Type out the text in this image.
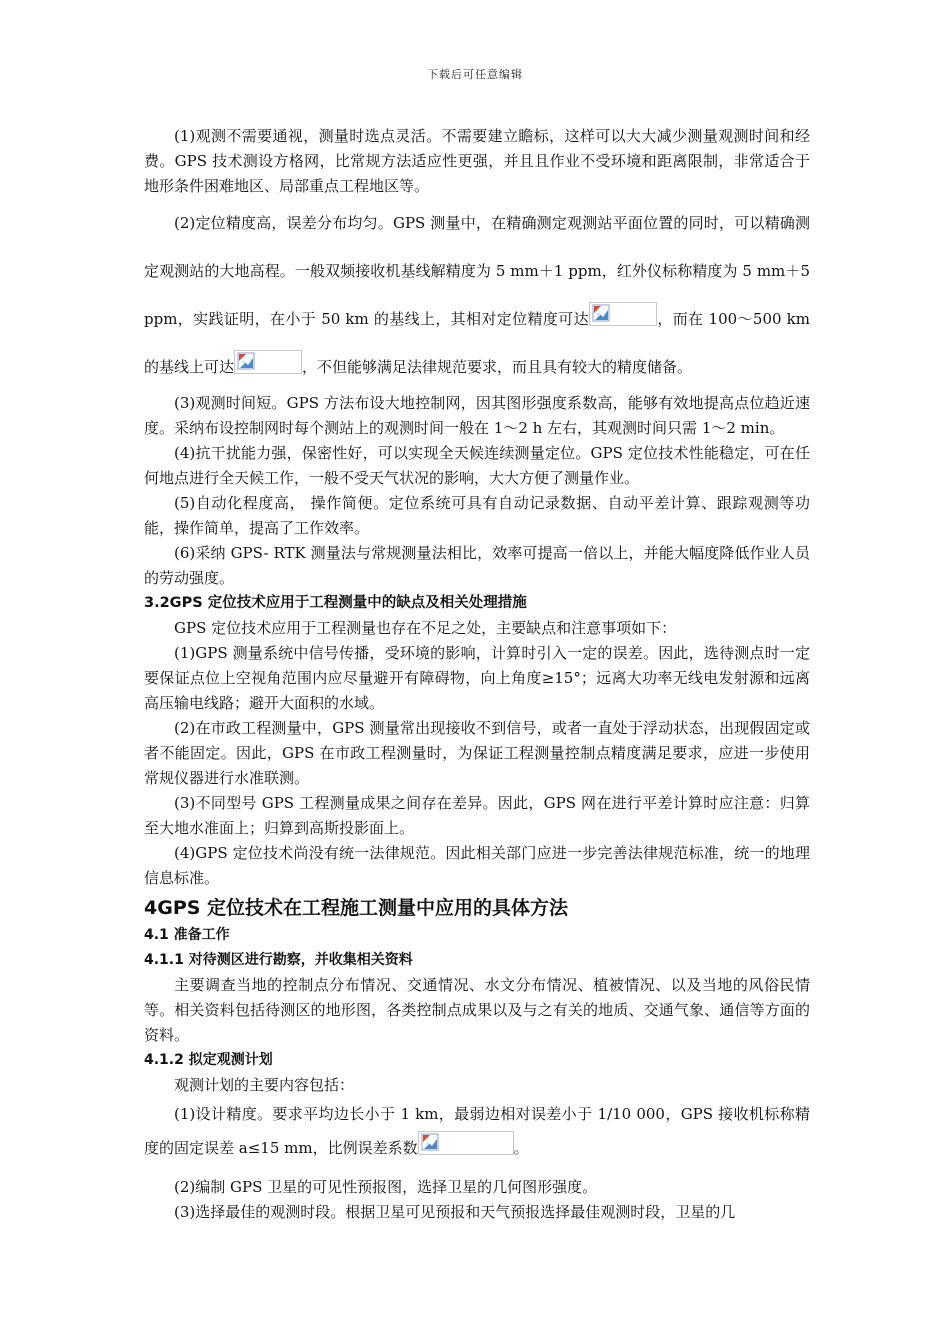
下载后可任意编辑

(1)观测不需要通视，测量时选点灵活。不需要建立瞻标，这样可以大大减少测量观测时间和经费。GPS 技术测设方格网，比常规方法适应性更强，并且且作业不受环境和距离限制，非常适合于地形条件困难地区、局部重点工程地区等。

(2)定位精度高，误差分布均匀。GPS 测量中，在精确测定观测站平面位置的同时，可以精确测定观测站的大地高程。一般双频接收机基线解精度为 5 mm＋1 ppm，红外仪标称精度为 5 mm＋5 ppm，实践证明，在小于 50 km 的基线上，其相对定位精度可达	，而在 100～500 km 的基线上可达	，不但能够满足法律规范要求，而且具有较大的精度储备。

(3)观测时间短。GPS 方法布设大地控制网，因其图形强度系数高，能够有效地提高点位趋近速度。采纳布设控制网时每个测站上的观测时间一般在 1～2 h 左右，其观测时间只需 1～2 min。

(4)抗干扰能力强，保密性好，可以实现全天候连续测量定位。GPS 定位技术性能稳定，可在任何地点进行全天候工作，一般不受天气状况的影响，大大方便了测量作业。

(5)自动化程度高， 操作简便。定位系统可具有自动记录数据、自动平差计算、跟踪观测等功能，操作简单，提高了工作效率。

(6)采纳 GPS- RTK 测量法与常规测量法相比，效率可提高一倍以上，并能大幅度降低作业人员的劳动强度。

3.2GPS 定位技术应用于工程测量中的缺点及相关处理措施

GPS 定位技术应用于工程测量也存在不足之处，主要缺点和注意事项如下：

(1)GPS 测量系统中信号传播，受环境的影响，计算时引入一定的误差。因此，选待测点时一定要保证点位上空视角范围内应尽量避开有障碍物，向上角度≥15°；远离大功率无线电发射源和远离高压输电线路；避开大面积的水域。

(2)在市政工程测量中，GPS 测量常出现接收不到信号，或者一直处于浮动状态，出现假固定或者不能固定。因此，GPS 在市政工程测量时，为保证工程测量控制点精度满足要求，应进一步使用常规仪器进行水准联测。

(3)不同型号 GPS 工程测量成果之间存在差异。因此，GPS 网在进行平差计算时应注意：归算至大地水准面上；归算到高斯投影面上。

(4)GPS 定位技术尚没有统一法律规范。因此相关部门应进一步完善法律规范标准，统一的地理信息标准。

4GPS 定位技术在工程施工测量中应用的具体方法

4.1 准备工作

4.1.1 对待测区进行勘察，并收集相关资料

主要调查当地的控制点分布情况、交通情况、水文分布情况、植被情况、以及当地的风俗民情等。相关资料包括待测区的地形图，各类控制点成果以及与之有关的地质、交通气象、通信等方面的资料。

4.1.2 拟定观测计划

观测计划的主要内容包括：

(1)设计精度。要求平均边长小于 1 km，最弱边相对误差小于 1/10 000，GPS 接收机标称精度的固定误差 a≤15 mm，比例误差系数	。

(2)编制 GPS 卫星的可见性预报图，选择卫星的几何图形强度。

(3)选择最佳的观测时段。根据卫星可见预报和天气预报选择最佳观测时段，卫星的几
